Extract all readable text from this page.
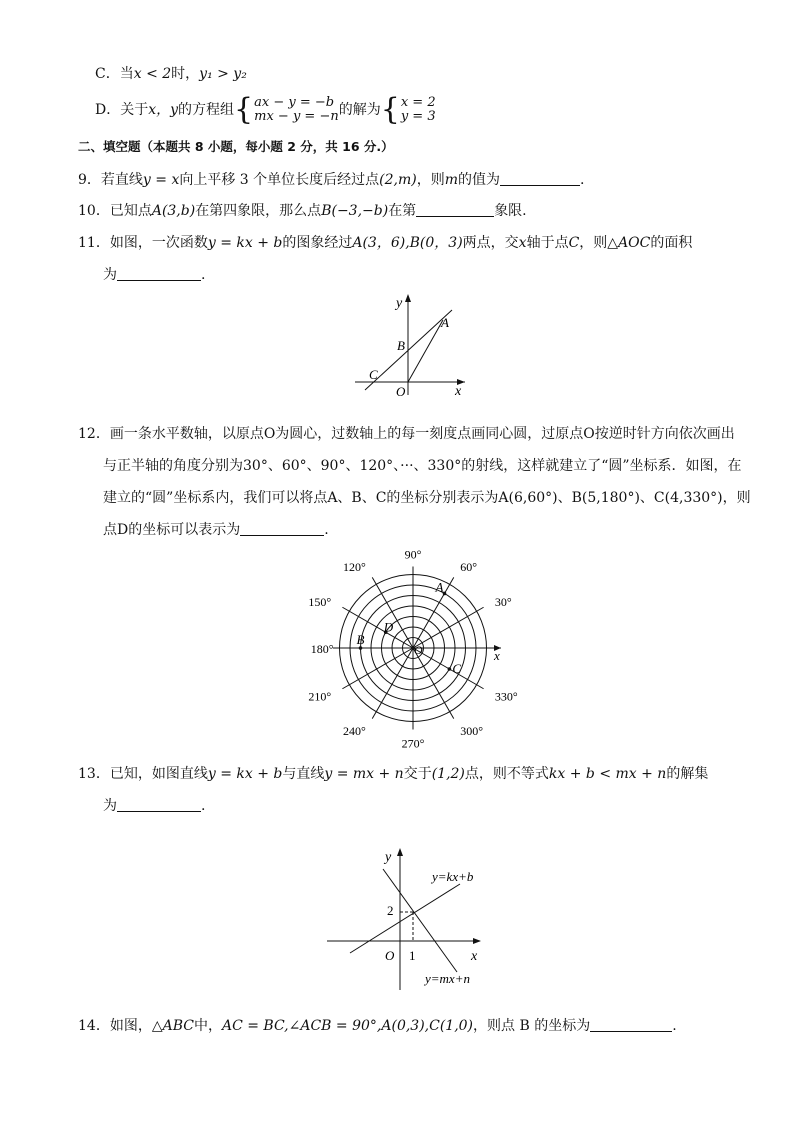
C．当x < 2时，y₁ > y₂
D．关于 x，y 的方程组 { ax − y = −b
mx − y = −n 的解为 { x = 2
y = 3
二、填空题（本题共 8 小题，每小题 2 分，共 16 分.）
9．若直线y = x向上平移 3 个单位长度后经过点(2,m)，则m的值为	.
10．已知点A(3,b)在第四象限，那么点B(−3,−b)在第	象限.
11．如图，一次函数y = kx + b的图象经过A(3，6),B(0，3)两点，交x轴于点C，则△AOC的面积
为	.
y
x
A
B
C
O
12．画一条水平数轴，以原点O为圆心，过数轴上的每一刻度点画同心圆，过原点O按逆时针方向依次画出
与正半轴的角度分别为30°、60°、90°、120°、···、330°的射线，这样就建立了“圆”坐标系．如图，在
建立的“圆”坐标系内，我们可以将点A、B、C的坐标分别表示为A(6,60°)、B(5,180°)、C(4,330°)，则
点D的坐标可以表示为	.
A
B
C
D
O	x
90°
60°
30°
120°
150°
180°
210°
240°
270°
300°
330°
13．已知，如图直线y = kx + b与直线y = mx + n交于(1,2)点，则不等式kx + b < mx + n的解集
为	.
y
x
O 1
2
y=kx+b
y=mx+n
14．如图，△ABC中，AC = BC,∠ACB = 90°,A(0,3),C(1,0)，则点 B 的坐标为	.
